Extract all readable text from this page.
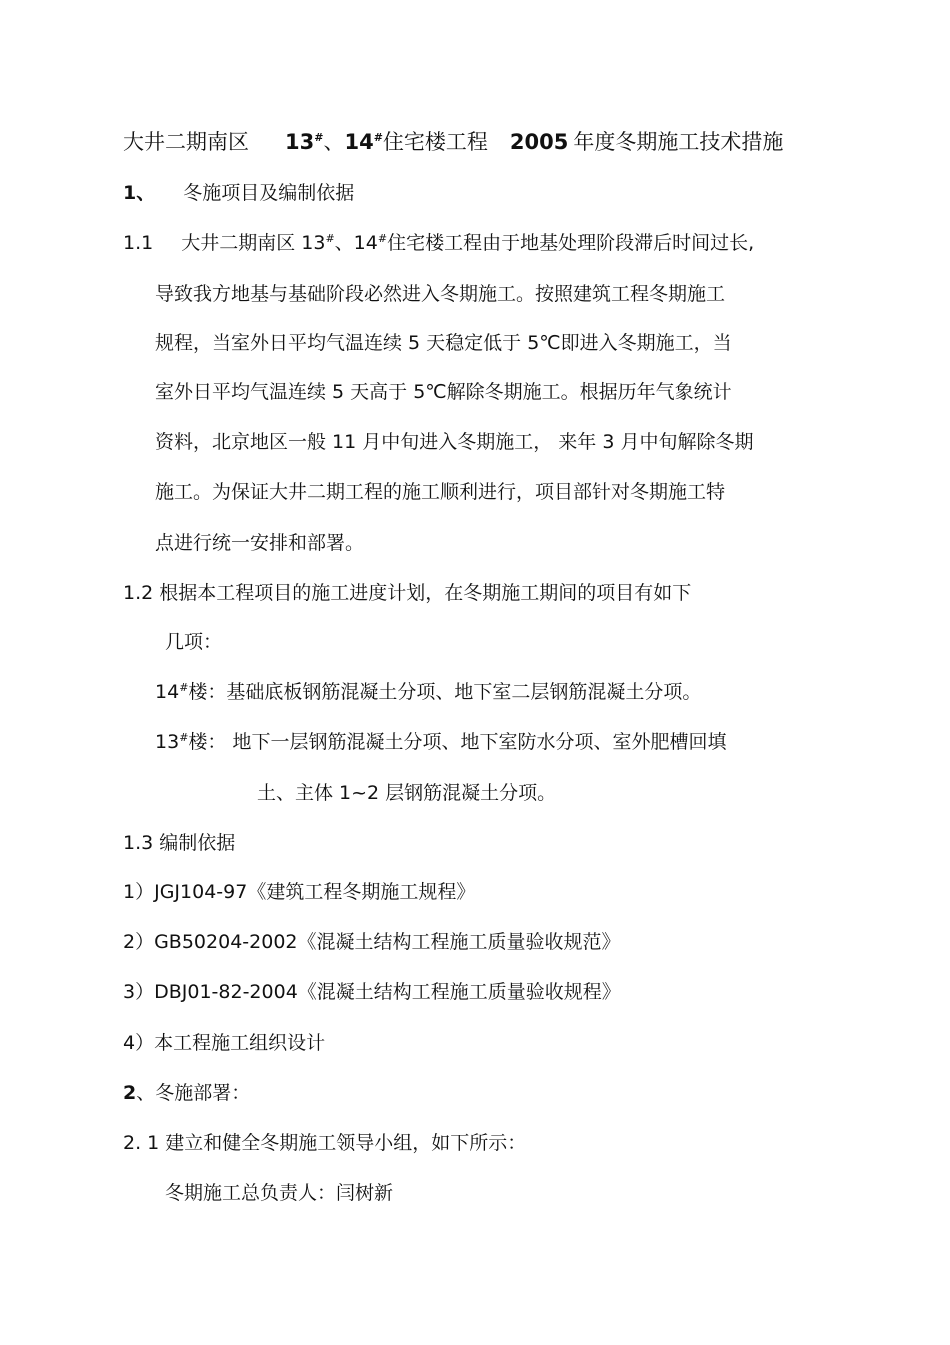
大井二期南区 13#、14#住宅楼工程 2005 年度冬期施工技术措施
1、 冬施项目及编制依据
1.1 大井二期南区 13#、14#住宅楼工程由于地基处理阶段滞后时间过长,
导致我方地基与基础阶段必然进入冬期施工。按照建筑工程冬期施工
规程，当室外日平均气温连续 5 天稳定低于 5℃即进入冬期施工，当
室外日平均气温连续 5 天高于 5℃解除冬期施工。根据历年气象统计
资料，北京地区一般 11 月中旬进入冬期施工， 来年 3 月中旬解除冬期
施工。为保证大井二期工程的施工顺利进行，项目部针对冬期施工特
点进行统一安排和部署。
1.2 根据本工程项目的施工进度计划，在冬期施工期间的项目有如下
几项：
14#楼：基础底板钢筋混凝土分项、地下室二层钢筋混凝土分项。
13#楼： 地下一层钢筋混凝土分项、地下室防水分项、室外肥槽回填
土、主体 1~2 层钢筋混凝土分项。
1.3 编制依据
1）JGJ104-97《建筑工程冬期施工规程》
2）GB50204-2002《混凝土结构工程施工质量验收规范》
3）DBJ01-82-2004《混凝土结构工程施工质量验收规程》
4）本工程施工组织设计
2、冬施部署：
2. 1 建立和健全冬期施工领导小组，如下所示：
冬期施工总负责人：闫树新
